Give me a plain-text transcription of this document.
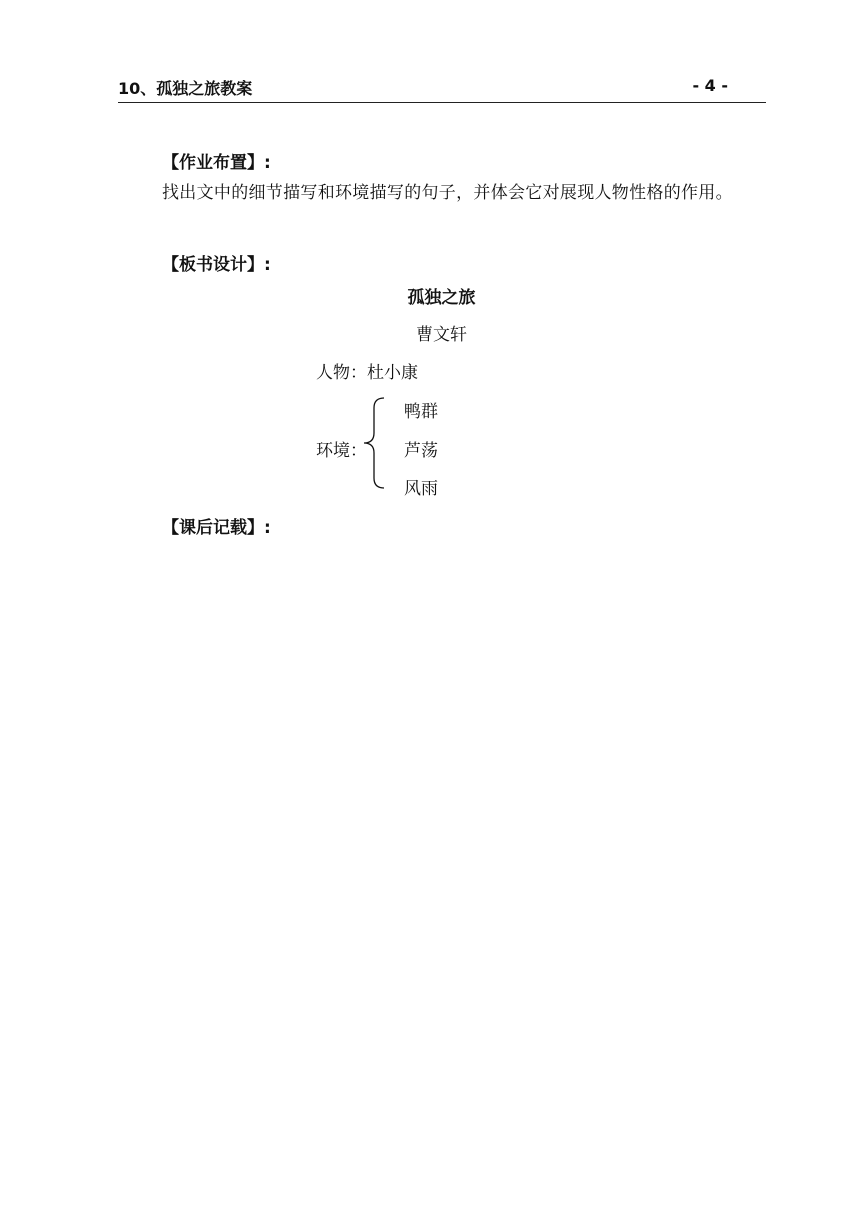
10、孤独之旅教案	- 4 -
【作业布置】:
找出文中的细节描写和环境描写的句子，并体会它对展现人物性格的作用。
【板书设计】:
孤独之旅
曹文轩
人物：杜小康
环境：
鸭群
芦荡
风雨
【课后记载】:
